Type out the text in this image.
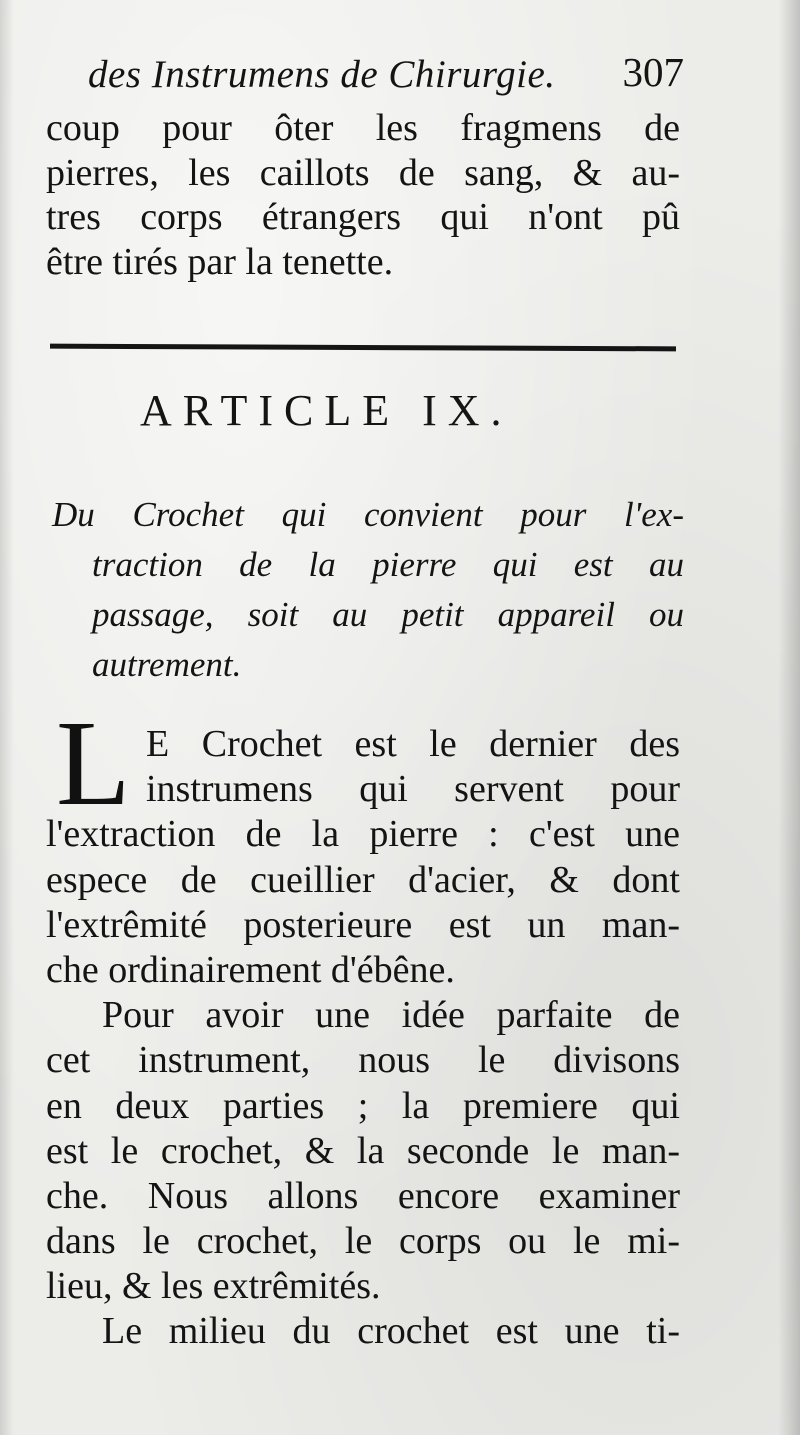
des Instrumens de Chirurgie. 307
coup pour ôter les fragmens de
pierres, les caillots de sang, & au-
tres corps étrangers qui n'ont pû
être tirés par la tenette.
ARTICLE IX.
Du Crochet qui convient pour l'ex-
traction de la pierre qui est au
passage, soit au petit appareil ou
autrement.
L E Crochet est le dernier des
instrumens qui servent pour
l'extraction de la pierre : c'est une
espece de cueillier d'acier, & dont
l'extrêmité posterieure est un man-
che ordinairement d'ébêne.
Pour avoir une idée parfaite de
cet instrument, nous le divisons
en deux parties ; la premiere qui
est le crochet, & la seconde le man-
che. Nous allons encore examiner
dans le crochet, le corps ou le mi-
lieu, & les extrêmités.
Le milieu du crochet est une ti-
